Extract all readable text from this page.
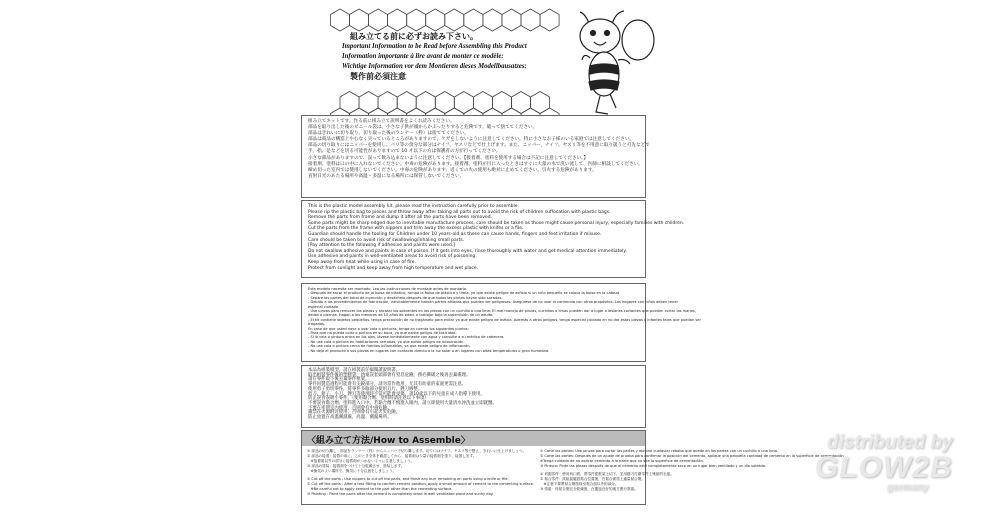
組み立てる前に必ずお読み下さい。
Important Information to be Read before Assembling this Product
Information importante à lire avant de monter ce modèle:
Wichtige Information vor dem Montieren dieses Modellbausatzes:
製作前必須注意

組み立てキットです。作る前に組み立て説明書をよくお読みください。

部品を取り出した後のビニール袋は、小さな子供が頭からかぶったりすると危険です。破って捨ててください。

部品はきれいに切り取り、切り取った後のランナー（枠）は捨ててください。

部品は商品の構造上やむなく尖っているところがありますので、ケガをしないように注意してください。特に小さなお子様のいる家庭では注意してください。

部品の切り取りにはニッパーを使用し、バリ等の余分な部分はナイフ、ヤスリなどで仕上げます。また、ニッパー、ナイフ、ヤスリ等を不用意に取り扱うと刃先などで

手、指、足などを切る可能性がありますので 10 才以下の方は保護者の方が行ってください。

小さな部品がありますので、誤って飲み込まないように注意してください。【接着剤、塗料を使用する場合は下記に注意してください。】

接着剤、塗料は口の中に入れないでください。中毒の危険があります。接着剤、塗料が目に入ったときはすぐに大量の水で洗い流して、医師に相談してください。

締め切った室内では使用しないでください。中毒の危険があります。近くでの火の使用も絶対に止めてください。引火する危険があります。

直射日光のあたる場所や高温・多湿になる場所には保管しないでください。

This is the plastic model assembly kit, please read the instruction carefully prior to assemble.

Please rip the plastic bag to pieces and throw away after taking all parts out to avoid the risk of children suffocation with plastic bags.

Remove the parts from frame and dump it after all the parts have been removed.

Some parts might be sharp edged due to inevitable manufacture process, care should be taken as those might cause personal injury, especially families with children.

Cut the parts from the frame with nippers and trim away the excess plastic with knifes or a file.

Guardian should handle the tooling for Children under 10 years-old as these can cause hands, fingers and feet irritation if misuse.

Care should be taken to avoid risk of swallowing/inhaling small parts.

[Pay attention to the following if adhesive and paints were used.]

Do not swallow adhesive and paints in case of poison. If it gets into eyes, rinse thoroughly with water and get medical attention immediately.

Use adhesive and paints in well-ventilated areas to avoid risk of poisoning.

Keep away from heat while using in case of fire.

Protect from sunlight and keep away from high temperature and wet place.

Este modelo necesita ser montado. Lea las instrucciones de montaje antes de montarlo.

- Después de sacar el producto de la bolsa de plástico, rompa la bolsa de plástico y tírela, ya que existe peligro de asfixia si un niño pequeño se coloca la bolsa en la cabeza.

- Separe las partes del árbol de inyección y deséchelo después de que todas las partes hayan sido sacadas.

- Debido a los procedimientos de fabricación, inevitablemente habrán partes afiladas que pueden ser peligrosas. Asegúrese de no usar el contenido con otros propósitos. Los hogares con niños deben tener

especial cuidado.

- Use pinzas para remover las piezas y alicatar los sobrantes en las piezas con un cuchillo o una lima. El mal manejo de pinzas, cuchillos o limas pueden dar a lugar a lesiones cortantes que pueden cortar las manos,

dedos o piernas. Hagan a los menores de 10 años de edad, o trabajar bajo la supervisión de un adulto.

- El kit contiene objetos pequeños, tenga precaución de no tragárselo para evitar ya que existe peligro de asfixia. Además a otros peligros, tenga especial cuidado en no dar estas piezas a infantes tales que puedan ser

tragadas.

En caso de que usted vaya a usar cola o pinturas, tenga en cuenta los siguientes puntos:

- Para que no pueda colar o pintura en su boca, ya que existe peligro de toxicidad.

- Si la cola o pintura entra en los ojos, lávese inmediatamente con agua y consulte a su médico de cabecera.

- No use cola o pintura en habitaciones cerradas, ya que existe peligro de intoxicación.

- No use cola o pintura cerca de fuentes inflamables, ya que existe peligro de inflamación.

- No deje el producto o sus piezas en lugares con contacto directo a la luz solar o en lugares con altas temperaturas o gran humedad.

本品為組裝模型，請在組裝前仔細閱讀說明書。

取出組裝零件後的塑膠袋，幼童誤套頭部會有窒息危險，務必撕破之後再丟棄處理。

請在零件取下後丟棄零件框架。

零件因製造過程可能會有尖銳部分，請勿當作他用，尤其有幼童的家庭更需注意。

使用剪子剪切零件，將零件多餘部分使用刀片、銼刀修整。

剪刀、鉗子、小刀、銼刀等使用時不當可能會受傷，請10歲以下的兒童在成人指導下使用。

防止誤食誤吸小零件。（使用黏合劑、塗料時請注意以下事項）

不要誤食黏合劑、塗料進入口中。若黏合劑不慎進入眼內，請立即使用大量清水沖洗並立即就醫。

不要在密閉室內使用，否則會有中毒危險。

嚴禁在火源附近使用，否則會有引起火災危險。

防止放置在高溫潮濕處，高溫、潮濕場所。

〈組み立て方法/How to Assemble〉

① 部品の切り離し：部品をランナー（枠）からニッパーで切り離します。切り口はナイフ、ヤスリ等で整え、きれいに仕上げましょう。

② 部品の接着：接着の前に、このとき全体を確認してから、接着剤は少量の接着剤を塗り、接着します。

　※接着面以外の部分に接着剤がつかないように注意しましょう。

③ 部品の塗装：接着面をつけて十分乾燥させ、塗装します。

　※換気のよい場所で、換気に十分注意をしましょう。

① Cut off the parts : Use nippers to cut off the parts, and finish any burr remaining on parts using a knife or file.

② Cut off the parts : After a test fitting to confirm cement position, apply a small amount of cement to the cementing surface.

　※Be careful not to apply cement to the part other than the cementing surface.

③ Painting : Paint the parts after the cement is completely dried in well ventilated place and sunny day.

① Corte las partes: Use pinzas para cortar las partes y elimine cualquier rebaba que quede en las partes con un cuchillo o una lima.

② Corte las partes: Después de un ajuste de prueba para confirmar la posición del cemento, aplique una pequeña cantidad de cemento en la superficie de cementación.

※Tenga cuidado de no aplicar cemento a la parte que no sea la superficie de cementación.

③ Pintura: Pinte las piezas después de que el cemento esté completamente seco en un lugar bien ventilado y un día soleado.

① 切割零件：使用斜口鉗，將零件從框架上切下，並用銼刀打磨零件上殘留的毛邊。

② 黏合零件：試組裝確認黏合位置後，在黏合面塗上適量黏合劑。

　※注意不要將黏合劑塗抹至黏合面以外的部分。

③ 塗裝：待黏合劑完全乾燥後，在通風良好的地方進行塗裝。

distributed by
GLOW2B
germany
